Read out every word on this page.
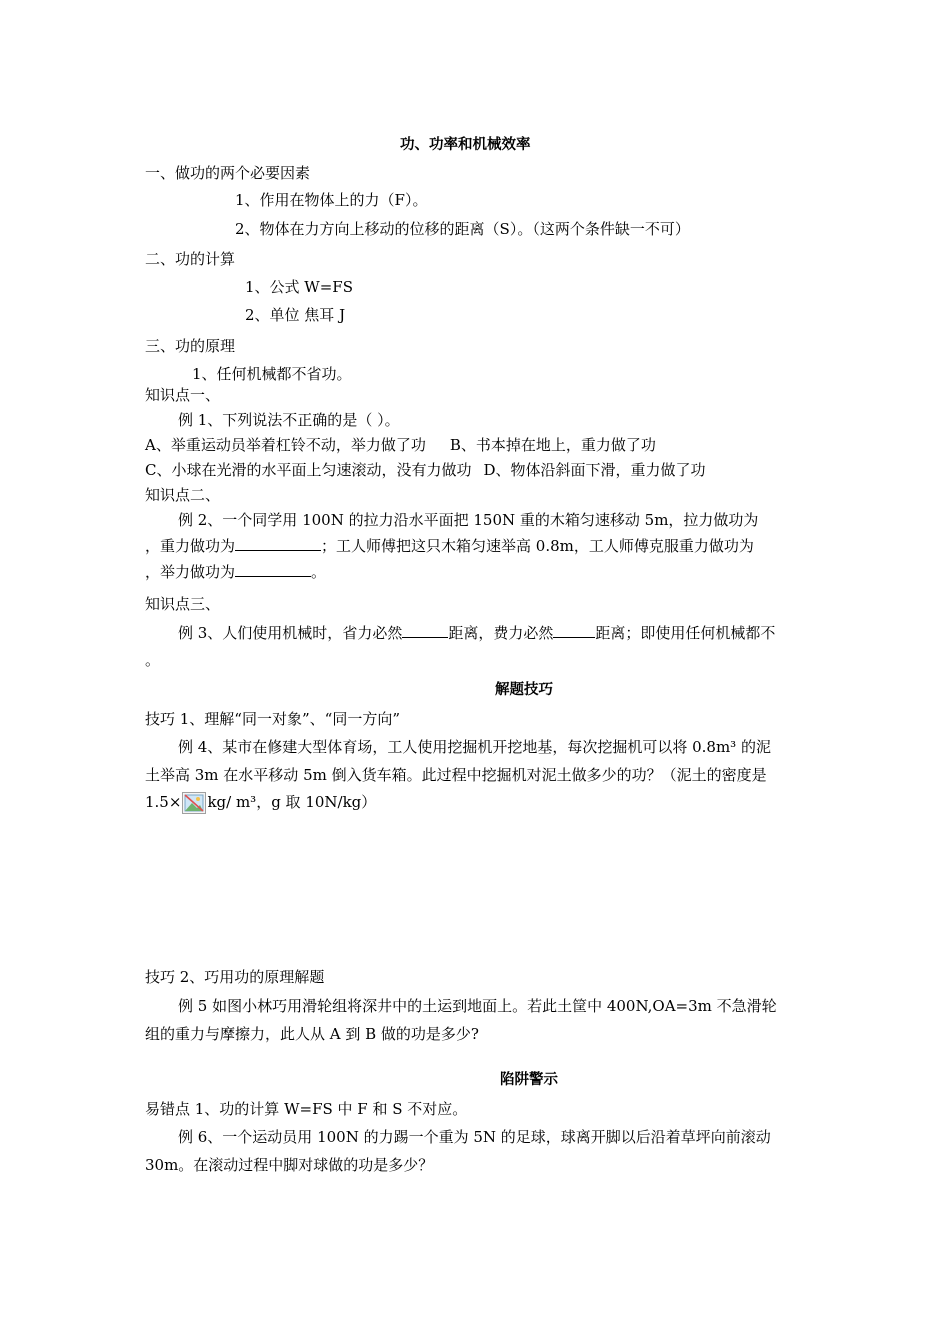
功、功率和机械效率
一、做功的两个必要因素
1、作用在物体上的力（F）。
2、物体在力方向上移动的位移的距离（S）。（这两个条件缺一不可）
二、功的计算
1、公式 W=FS
2、单位 焦耳 J
三、功的原理
1、任何机械都不省功。
知识点一、
例 1、下列说法不正确的是（ ）。
A、举重运动员举着杠铃不动，举力做了功 B、书本掉在地上，重力做了功
C、小球在光滑的水平面上匀速滚动，没有力做功 D、物体沿斜面下滑，重力做了功
知识点二、
例 2、一个同学用 100N 的拉力沿水平面把 150N 重的木箱匀速移动 5m，拉力做功为
，重力做功为	；工人师傅把这只木箱匀速举高 0.8m，工人师傅克服重力做功为
，举力做功为	。
知识点三、
例 3、人们使用机械时，省力必然	距离，费力必然	距离；即使用任何机械都不
。
解题技巧
技巧 1、理解“同一对象”、“同一方向”
例 4、某市在修建大型体育场，工人使用挖掘机开挖地基，每次挖掘机可以将 0.8m³ 的泥
土举高 3m 在水平移动 5m 倒入货车箱。此过程中挖掘机对泥土做多少的功？（泥土的密度是
1.5× kg/ m³，g 取 10N/kg）
技巧 2、巧用功的原理解题
例 5 如图小林巧用滑轮组将深井中的土运到地面上。若此土筐中 400N,OA=3m 不急滑轮
组的重力与摩擦力，此人从 A 到 B 做的功是多少?
陷阱警示
易错点 1、功的计算 W=FS 中 F 和 S 不对应。
例 6、一个运动员用 100N 的力踢一个重为 5N 的足球，球离开脚以后沿着草坪向前滚动
30m。在滚动过程中脚对球做的功是多少？
